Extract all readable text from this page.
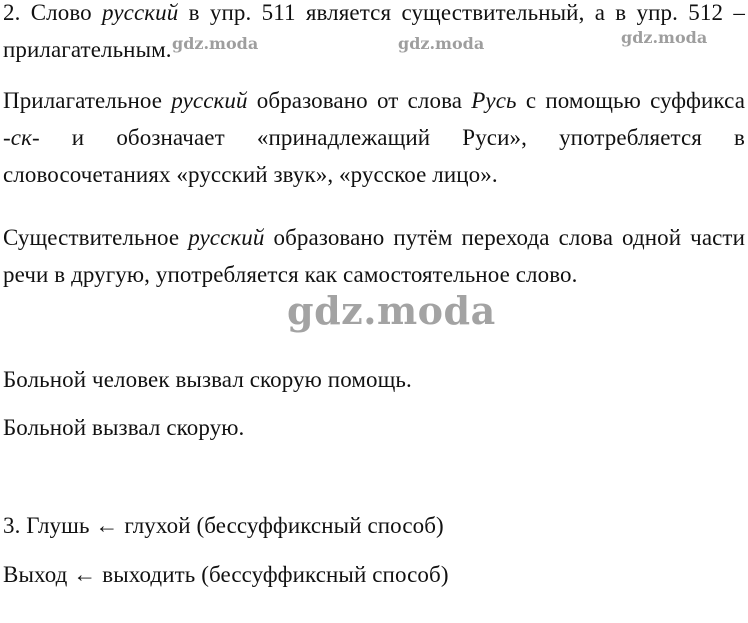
2. Слово русский в упр. 511 является существительный, а в упр. 512 – прилагательным.

Прилагательное русский образовано от слова Русь с помощью суффикса -ск- и обозначает «принадлежащий Руси», употребляется в словосочетаниях «русский звук», «русское лицо».

Существительное русский образовано путём перехода слова одной части речи в другую, употребляется как самостоятельное слово.

Больной человек вызвал скорую помощь.

Больной вызвал скорую.

3. Глушь ← глухой (бессуффиксный способ)

Выход ← выходить (бессуффиксный способ)

gdz.moda	gdz.moda	gdz.moda
gdz.moda
